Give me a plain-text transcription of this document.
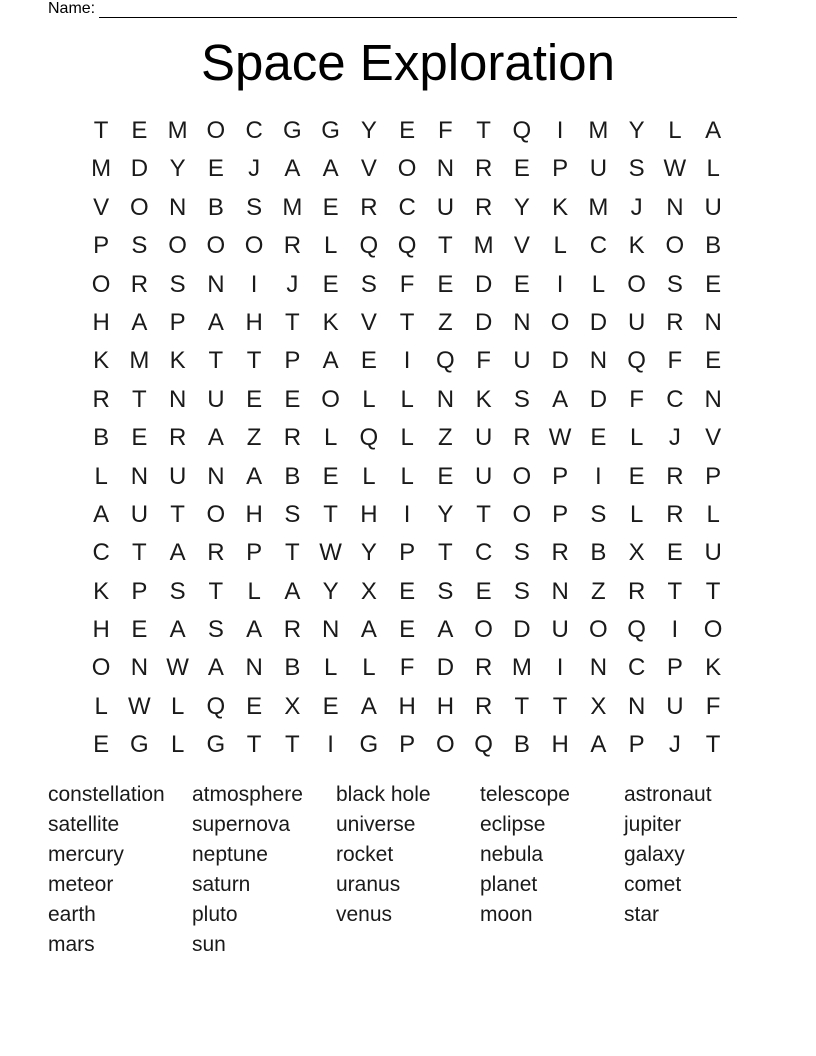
Name:
Space Exploration
T E M O C G G Y E F T Q	I	M Y L A
M D Y E	J	A A V O N R E P U S W L
V O N B S M E R C U R Y K M J N U
P S O O O R L Q Q T M V L C K O B
O R S N	I	J	E S F E D E	I	L O S E
H A P A H T K V T Z D N O D U R N
K M K T T P A E	I	Q F U D N Q F E
R T N U E E O L	L N K S A D F C N
B E R A Z R L Q L	Z U R W E L	J	V
L N U N A B E L	L E U O P	I	E R P
A U T O H S T H	I	Y T O P S L R L
C T A R P T W Y P T C S R B X E U
K P S T	L A Y X E S E S N Z R T T
H E A S A R N A E A O D U O Q	I	O
O N W A N B L	L	F D R M	I	N C P K
L W L Q E X E A H H R T T X N U F
E G L G T T	I	G P O Q B H A P	J	T
constellation	atmosphere	black hole	telescope	astronaut
satellite	supernova	universe	eclipse	jupiter
mercury	neptune	rocket	nebula	galaxy
meteor	saturn	uranus	planet	comet
earth	pluto	venus	moon	star
mars	sun
